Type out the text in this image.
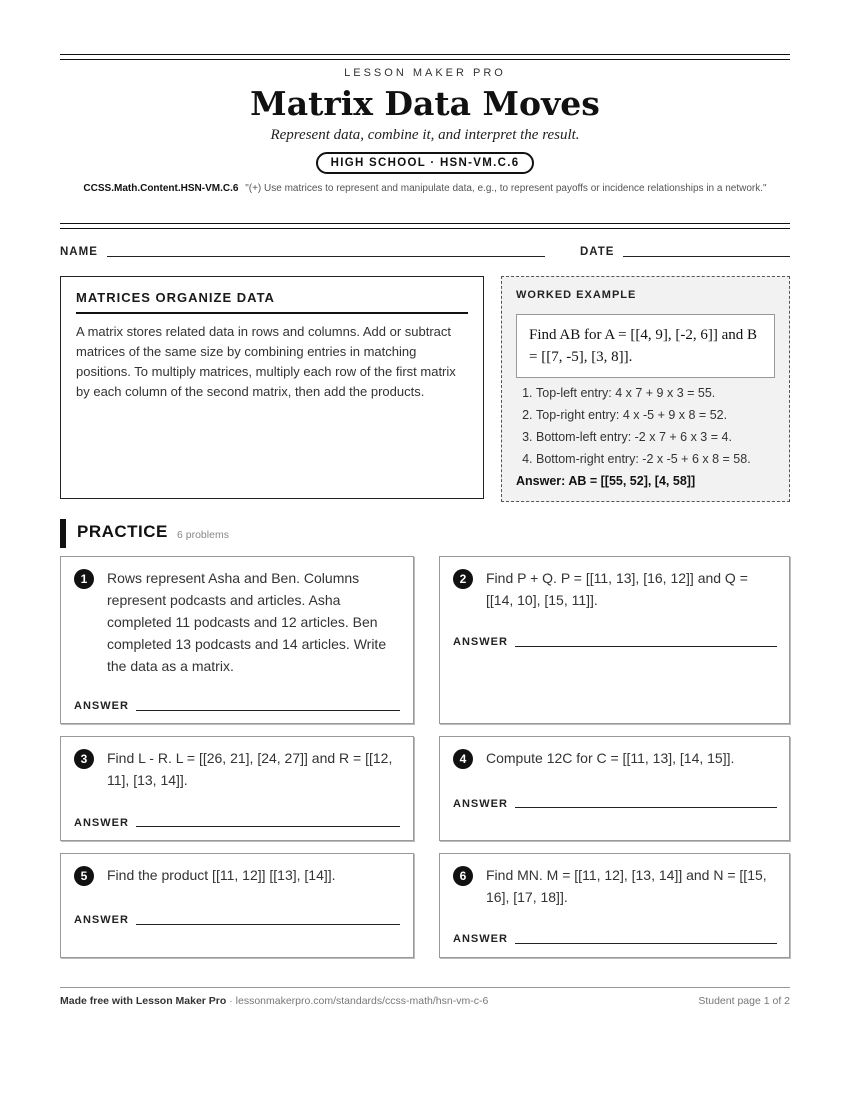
LESSON MAKER PRO
Matrix Data Moves
Represent data, combine it, and interpret the result.
HIGH SCHOOL · HSN-VM.C.6
CCSS.Math.Content.HSN-VM.C.6 "(+) Use matrices to represent and manipulate data, e.g., to represent payoffs or incidence relationships in a network."
NAME	DATE
MATRICES ORGANIZE DATA

A matrix stores related data in rows and columns. Add or subtract matrices of the same size by combining entries in matching positions. To multiply matrices, multiply each row of the first matrix by each column of the second matrix, then add the products.

WORKED EXAMPLE
Find AB for A = [[4, 9], [-2, 6]] and B = [[7, -5], [3, 8]].
1. Top-left entry: 4 x 7 + 9 x 3 = 55.
2. Top-right entry: 4 x -5 + 9 x 8 = 52.
3. Bottom-left entry: -2 x 7 + 6 x 3 = 4.
4. Bottom-right entry: -2 x -5 + 6 x 8 = 58.
Answer: AB = [[55, 52], [4, 58]]
PRACTICE 6 problems
1	Rows represent Asha and Ben. Columns represent podcasts and articles. Asha completed 11 podcasts and 12 articles. Ben completed 13 podcasts and 14 articles. Write the data as a matrix.
ANSWER
2	Find P + Q. P = [[11, 13], [16, 12]] and Q = [[14, 10], [15, 11]].
ANSWER
3	Find L - R. L = [[26, 21], [24, 27]] and R = [[12, 11], [13, 14]].
ANSWER
4	Compute 12C for C = [[11, 13], [14, 15]].
ANSWER
5	Find the product [[11, 12]] [[13], [14]].
ANSWER
6	Find MN. M = [[11, 12], [13, 14]] and N = [[15, 16], [17, 18]].
ANSWER
Made free with Lesson Maker Pro · lessonmakerpro.com/standards/ccss-math/hsn-vm-c-6	Student page 1 of 2
